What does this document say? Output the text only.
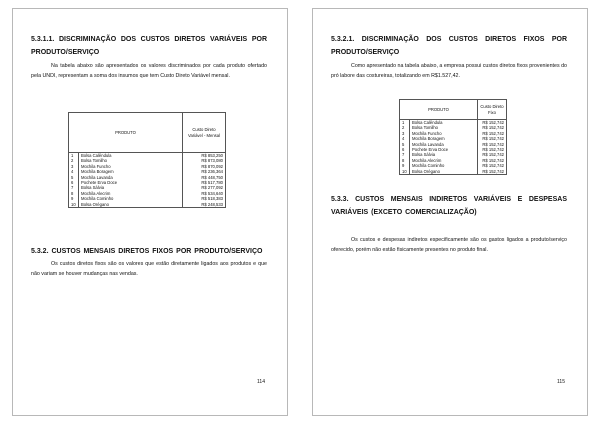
5.3.1.1. DISCRIMINAÇÃO DOS CUSTOS DIRETOS VARIÁVEIS POR PRODUTO/SERVIÇO
Na tabela abaixo são apresentados os valores discriminados por cada produto ofertado pela UNDI, representam a soma dos insumos que tem Custo Direto Variável mensal.
PRODUTO		Custo Direto Variável - Mensal
1	Bolsa Calêndula	R$ 853,250
2	Bolsa Tomilho	R$ 873,080
3	Mochila Funcho	R$ 870,092
4	Mochila Boragem	R$ 236,364
5	Mochila Lavanda	R$ 448,750
6	Pochete Erva Doce	R$ 517,780
7	Bolsa Sálvia	R$ 277,092
8	Mochila Alecrim	R$ 534,640
9	Mochila Cominho	R$ 518,383
10	Bolsa Orégano	R$ 248,533
5.3.2. CUSTOS MENSAIS DIRETOS FIXOS POR PRODUTO/SERVIÇO
Os custos diretos fixos são os valores que estão diretamente ligados aos produtos e que não variam se houver mudanças nas vendas.
114
5.3.2.1. DISCRIMINAÇÃO DOS CUSTOS DIRETOS FIXOS POR PRODUTO/SERVIÇO
Como apresentado na tabela abaixo, a empresa possui custos diretos fixos provenientes do pró labore das costureiras, totalizando em R$1.527,42.
PRODUTO		Custo Direto Fixo
1	Bolsa Calêndula	R$ 152,742
2	Bolsa Tomilho	R$ 152,742
3	Mochila Funcho	R$ 152,742
4	Mochila Boragem	R$ 152,742
5	Mochila Lavanda	R$ 152,742
6	Pochete Erva Doce	R$ 152,742
7	Bolsa Sálvia	R$ 152,742
8	Mochila Alecrim	R$ 152,742
9	Mochila Cominho	R$ 152,742
10	Bolsa Orégano	R$ 152,742
5.3.3. CUSTOS MENSAIS INDIRETOS VARIÁVEIS E DESPESAS VARIÁVEIS (EXCETO COMERCIALIZAÇÃO)
Os custos e despesas indiretos especificamente são os gastos ligados a produto/serviço oferecido, porém não estão fisicamente presentes no produto final.
115
